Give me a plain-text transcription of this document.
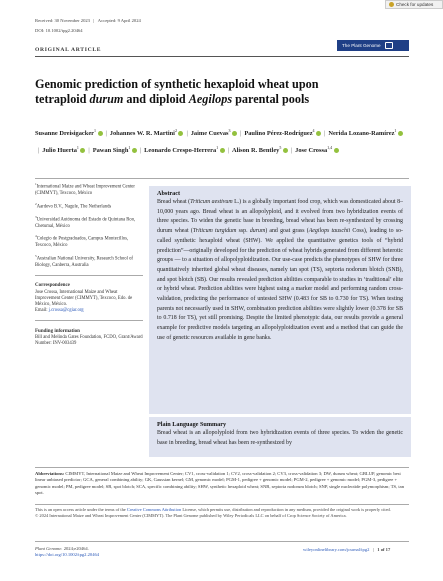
Received: 30 November 2023   |   Accepted: 9 April 2024
DOI: 10.1002/tpg2.20464
Check for updates
ORIGINAL ARTICLE
The Plant Genome
Genomic prediction of synthetic hexaploid wheat upon tetraploid durum and diploid Aegilops parental pools
Susanne Dreisigacker$^1$ | Johannes W. R. Martini$^2$ | Jaime Cuevas$^3$ | Paulino Pérez-Rodríguez$^4$ | Nerida Lozano-Ramírez$^1$| Julio Huerta$^1$ | Pawan Singh$^1$ | Leonardo Crespo-Herrera$^1$ | Alison R. Bentley$^5$ | Jose Crossa$^{1,4}$
$^1$International Maize and Wheat Improvement Center (CIMMYT), Texcoco, México
$^2$Aardevo B.V., Nagele, The Netherlands
$^3$Universidad Autónoma del Estado de Quintana Roo, Chetumal, México
$^4$Colegio de Postgraduados, Campus Montecillos, Texcoco, México
$^5$Australian National University, Research School of Biology, Canberra, Australia
Correspondence
Jose Crossa, International Maize and Wheat Improvement Center (CIMMYT), Texcoco, Edo. de México, México.
Email: j.crossa@cgiar.org
Funding information
Bill and Melinda Gates Foundation, FCDO, Grant/Award Number: INV-003439
Abstract
Bread wheat (Triticum aestivum L.) is a globally important food crop, which was domesticated about 8–10,000 years ago. Bread wheat is an allopolyploid, and it evolved from two hybridization events of three species. To widen the genetic base in breeding, bread wheat has been re-synthesized by crossing durum wheat (Triticum turgidum ssp. durum) and goat grass (Aegilops tauschii Coss), leading to so-called synthetic hexaploid wheat (SHW). We applied the quantitative genetics tools of “hybrid prediction”—originally developed for the prediction of wheat hybrids generated from different heterotic groups — to a situation of allopolyploidization. Our use-case predicts the phenotypes of SHW for three quantitatively inherited global wheat diseases, namely tan spot (TS), septoria nodorum blotch (SNB), and spot blotch (SB). Our results revealed prediction abilities comparable to studies in ‘traditional’ elite or hybrid wheat. Prediction abilities were highest using a marker model and performing random cross-validation, predicting the performance of untested SHW (0.483 for SB to 0.730 for TS). When testing parents not necessarily used in SHW, combination prediction abilities were slightly lower (0.378 for SB to 0.718 for TS), yet still promising. Despite the limited phenotypic data, our results provide a general example for predictive models targeting an allopolyploidization event and a method that can guide the use of genetic resources available in gene banks.
Plain Language Summary
Bread wheat is an allopolyploid from two hybridization events of three species. To widen the genetic base in breeding, bread wheat has been re-synthesized by
Abbreviations: CIMMYT, International Maize and Wheat Improvement Center; CV1, cross-validation 1; CV2, cross-validation 2; CV3, cross-validation 3; DW, durum wheat; GBLUP, genomic best linear unbiased predictor; GCA, general combining ability; GK, Gaussian kernel; GM, genomic model; PGM-1, pedigree + genomic model; PGM-2, pedigree + genomic model; PGM-3, pedigree + genomic model; PM, pedigree model; SB, spot blotch; SCA, specific combining ability; SHW, synthetic hexaploid wheat; SNB, septoria nodorum blotch; SNP, single nucleotide polymorphism; TS, tan spot.
This is an open access article under the terms of the Creative Commons Attribution License, which permits use, distribution and reproduction in any medium, provided the original work is properly cited.
© 2024 International Maize and Wheat Improvement Center (CIMMYT). The Plant Genome published by Wiley Periodicals LLC on behalf of Crop Science Society of America.
Plant Genome. 2024;e20464.
https://doi.org/10.1002/tpg2.20464
wileyonlinelibrary.com/journal/tpg2   |   1 of 17
